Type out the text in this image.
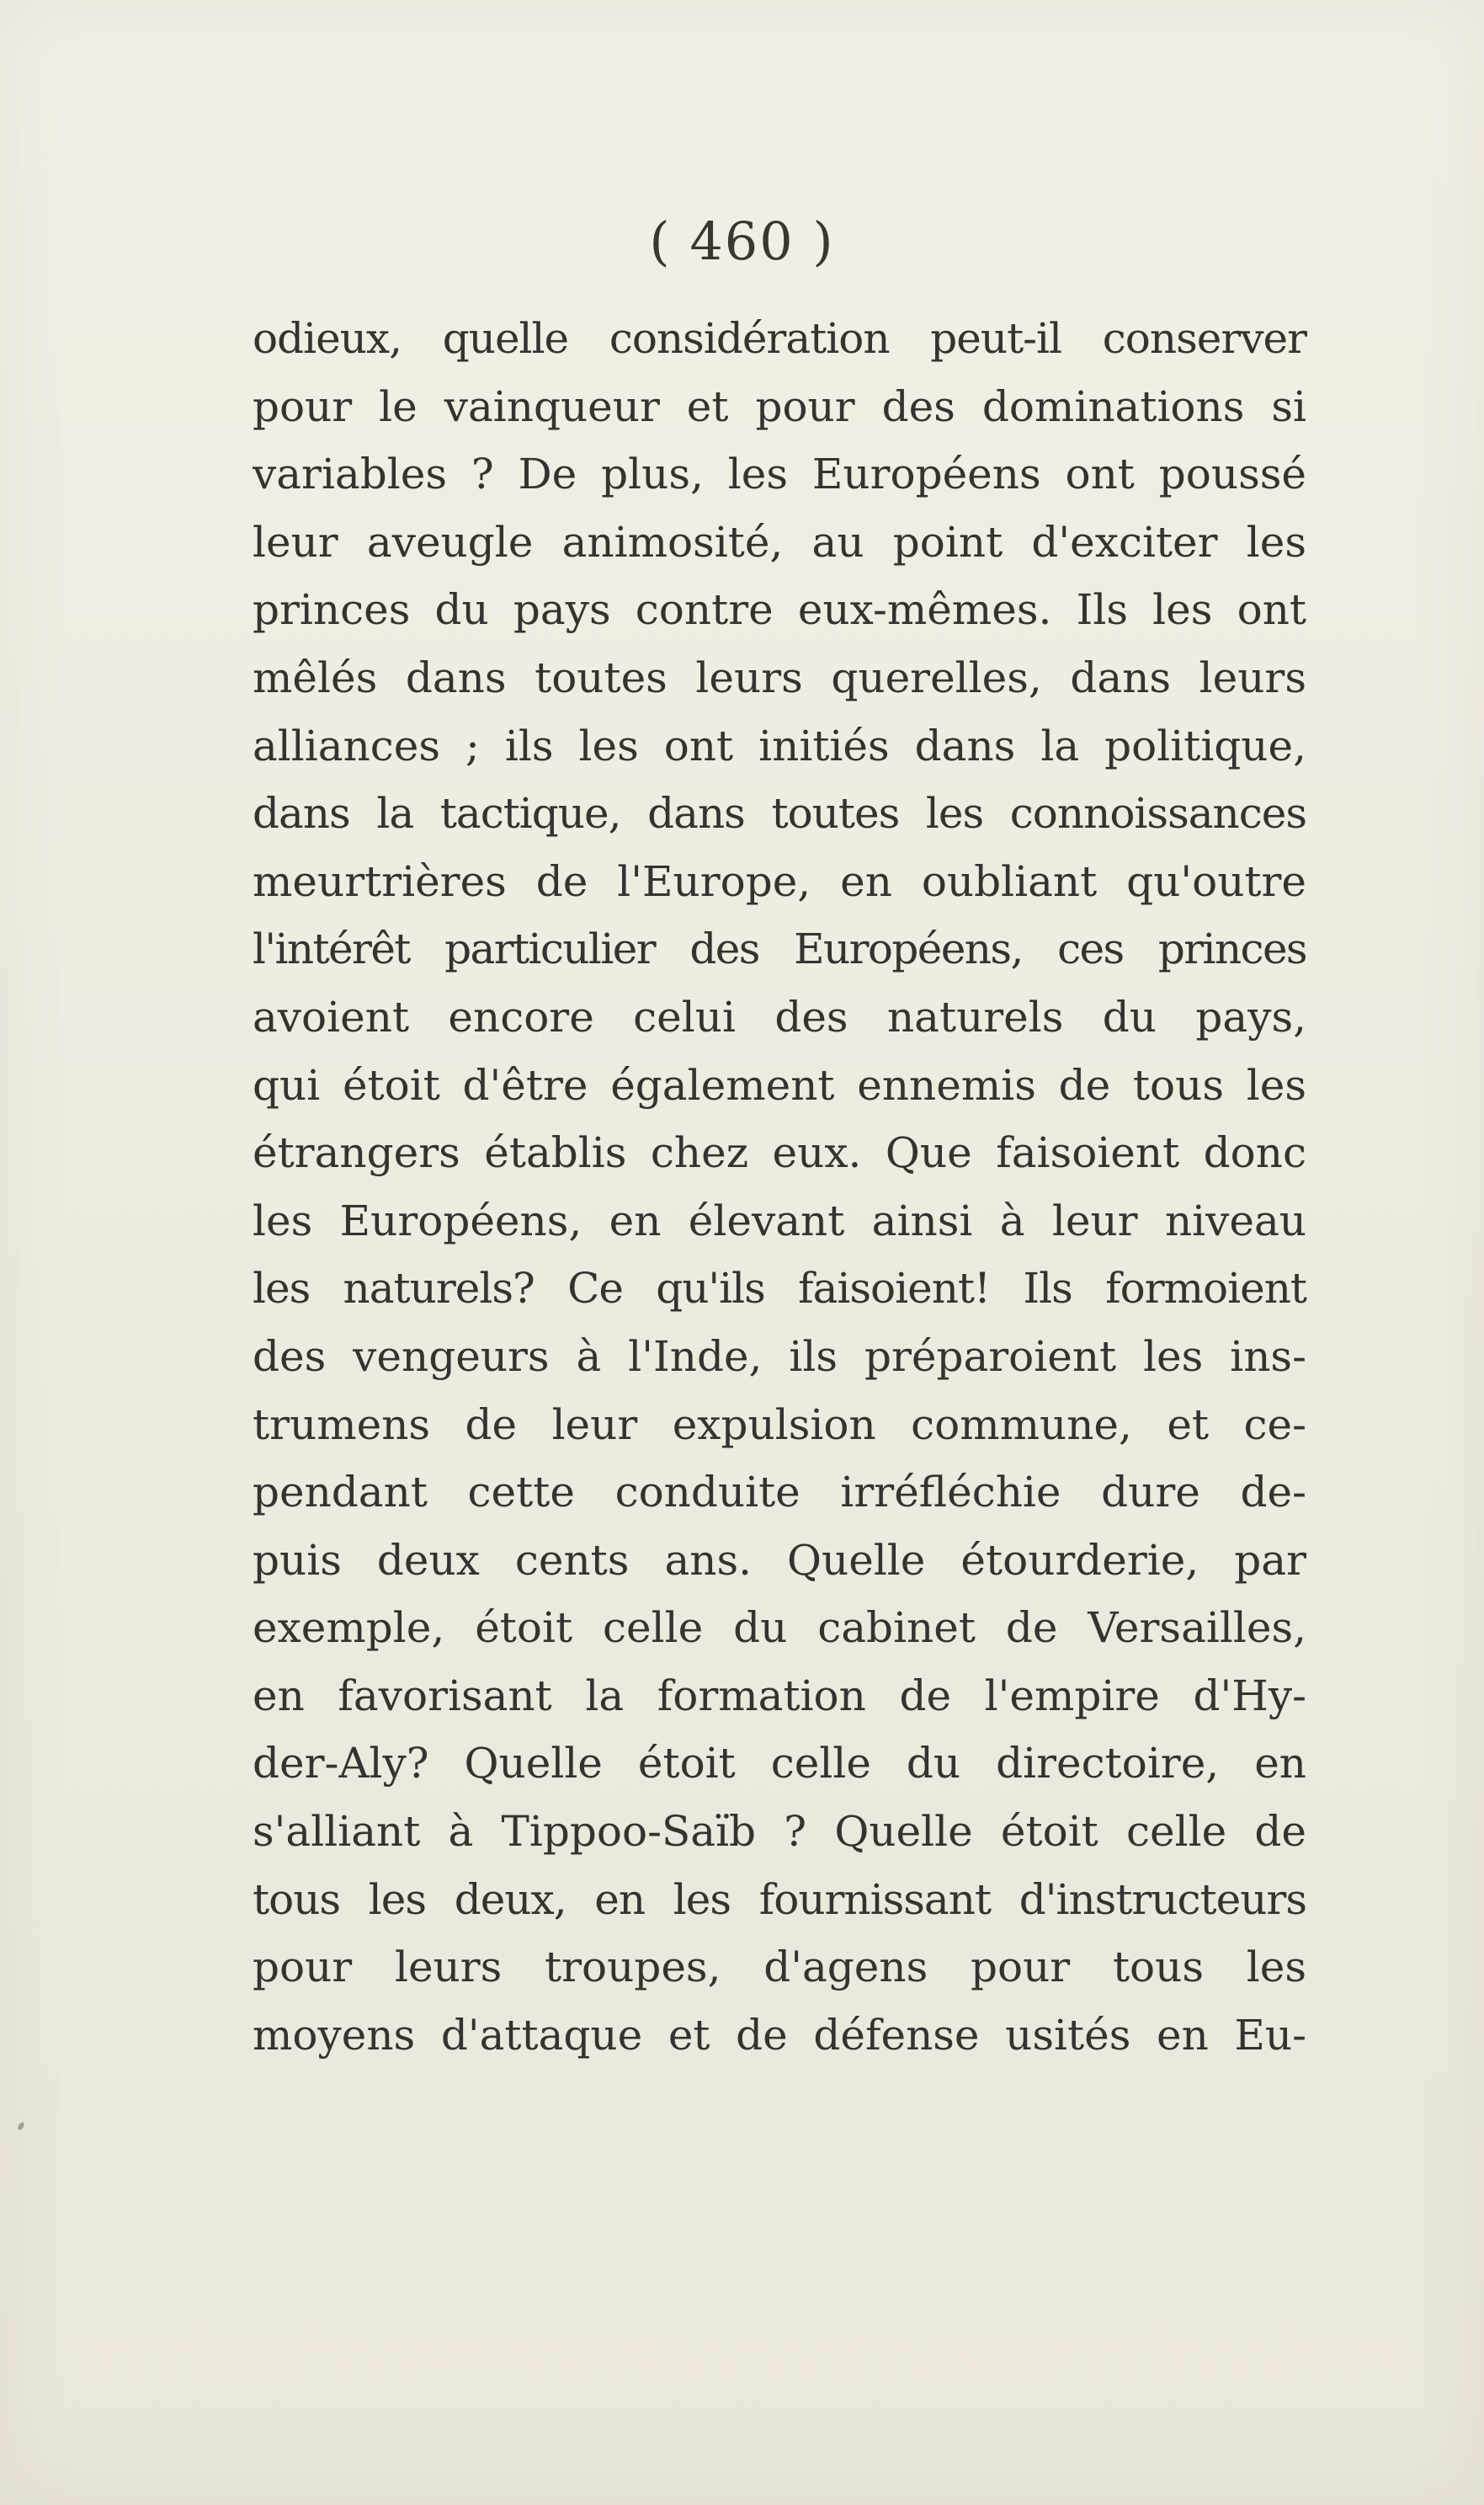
( 460 )
odieux, quelle considération peut-il conserver
pour le vainqueur et pour des dominations si
variables ? De plus, les Européens ont poussé
leur aveugle animosité, au point d'exciter les
princes du pays contre eux-mêmes. Ils les ont
mêlés dans toutes leurs querelles, dans leurs
alliances ; ils les ont initiés dans la politique,
dans la tactique, dans toutes les connoissances
meurtrières de l'Europe, en oubliant qu'outre
l'intérêt particulier des Européens, ces princes
avoient encore celui des naturels du pays,
qui étoit d'être également ennemis de tous les
étrangers établis chez eux. Que faisoient donc
les Européens, en élevant ainsi à leur niveau
les naturels? Ce qu'ils faisoient! Ils formoient
des vengeurs à l'Inde, ils préparoient les ins-
trumens de leur expulsion commune, et ce-
pendant cette conduite irréfléchie dure de-
puis deux cents ans. Quelle étourderie, par
exemple, étoit celle du cabinet de Versailles,
en favorisant la formation de l'empire d'Hy-
der-Aly? Quelle étoit celle du directoire, en
s'alliant à Tippoo-Saïb ? Quelle étoit celle de
tous les deux, en les fournissant d'instructeurs
pour leurs troupes, d'agens pour tous les
moyens d'attaque et de défense usités en Eu-
